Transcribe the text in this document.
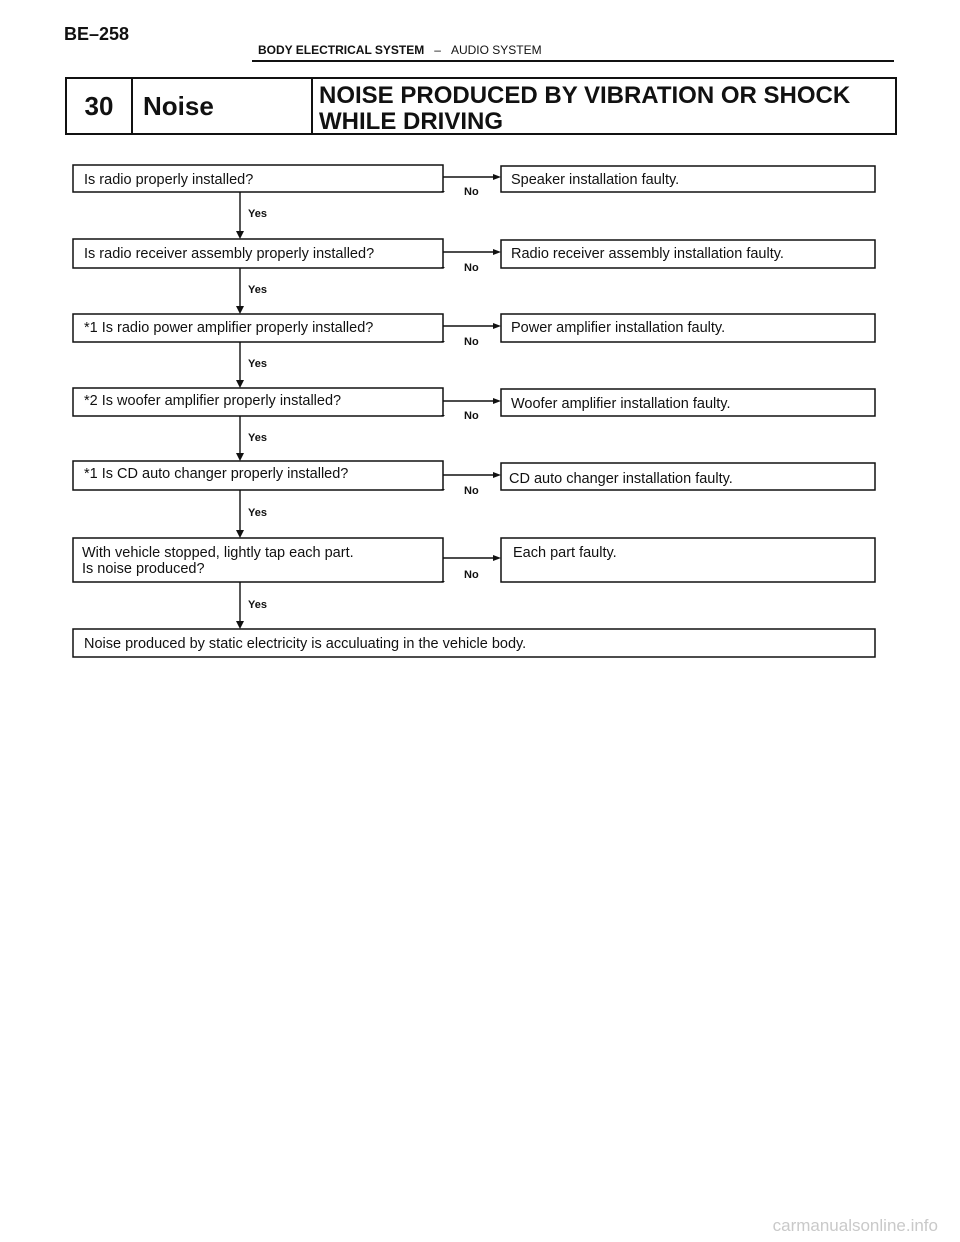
BE–258
BODY ELECTRICAL SYSTEM – AUDIO SYSTEM
30	Noise	NOISE PRODUCED BY VIBRATION OR SHOCK
WHILE DRIVING
Is radio properly installed?
Is radio receiver assembly properly installed?
*1 Is radio power amplifier properly installed?
*2 Is woofer amplifier properly installed?
*1 Is CD auto changer properly installed?
With vehicle stopped, lightly tap each part.
Is noise produced?
Speaker installation faulty.
Radio receiver assembly installation faulty.
Power amplifier installation faulty.
Woofer amplifier installation faulty.
CD auto changer installation faulty.
Each part faulty.
Noise produced by static electricity is acculuating in the vehicle body.
Yes
Yes
Yes
Yes
Yes
Yes
No
No
No
No
No
No
carmanualsonline.info
